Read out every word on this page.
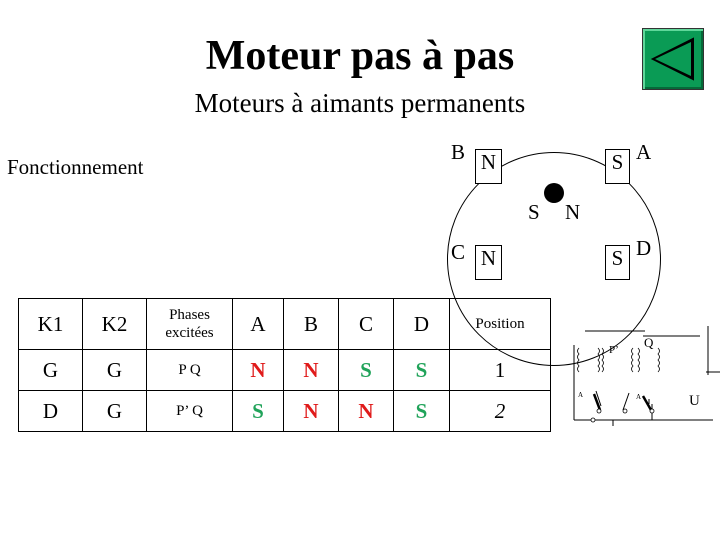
Moteur pas à pas
Moteurs à aimants permanents
Fonctionnement
S N
B N	S A
C N	S D
K1	K2	Phases excitées	A	B	C	D	Position
G	G	P Q	N	N	S	S	1
D	G	P’ Q	S	N	N	S	2
P’ Q
U
A	A
